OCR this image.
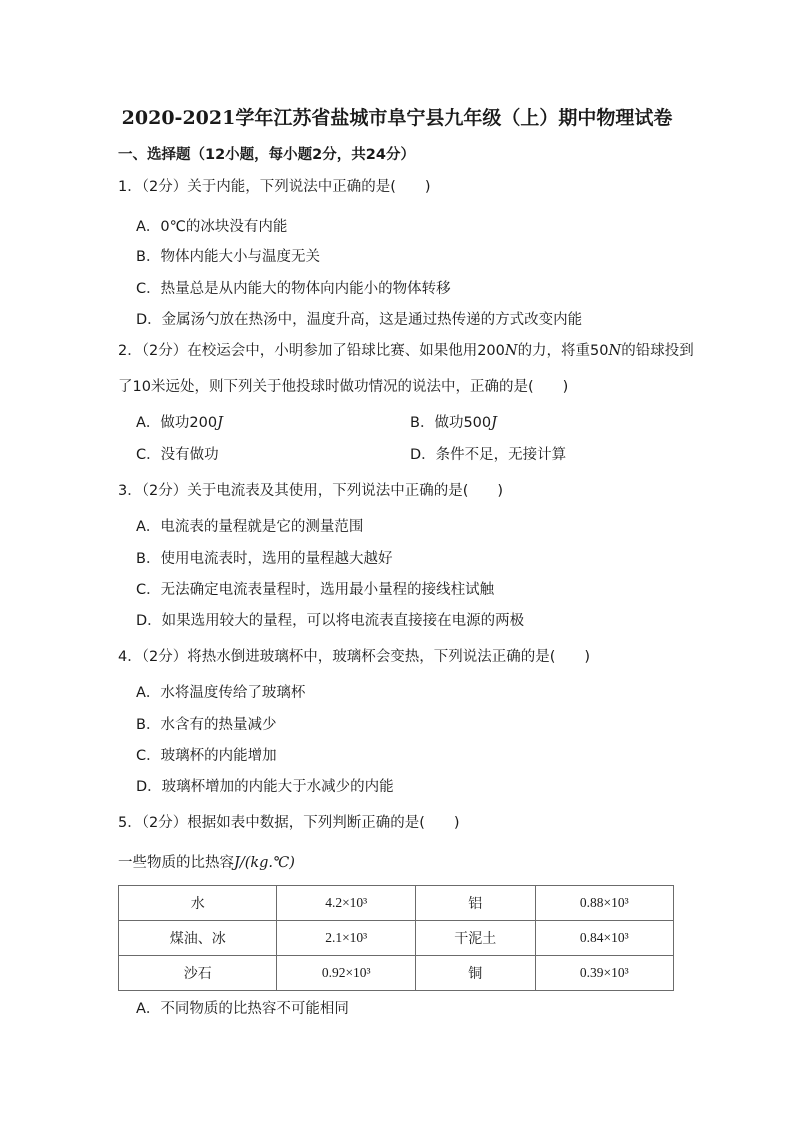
2020-2021学年江苏省盐城市阜宁县九年级（上）期中物理试卷
一、选择题（12小题，每小题2分，共24分）
1．（2分）关于内能，下列说法中正确的是(　　)
A．0℃的冰块没有内能
B．物体内能大小与温度无关
C．热量总是从内能大的物体向内能小的物体转移
D．金属汤勺放在热汤中，温度升高，这是通过热传递的方式改变内能
2．（2分）在校运会中，小明参加了铅球比赛、如果他用200N的力，将重50N的铅球投到
了10米远处，则下列关于他投球时做功情况的说法中，正确的是(　　)
A．做功200J	B．做功500J
C．没有做功	D．条件不足，无接计算
3．（2分）关于电流表及其使用，下列说法中正确的是(　　)
A．电流表的量程就是它的测量范围
B．使用电流表时，选用的量程越大越好
C．无法确定电流表量程时，选用最小量程的接线柱试触
D．如果选用较大的量程，可以将电流表直接接在电源的两极
4．（2分）将热水倒进玻璃杯中，玻璃杯会变热，下列说法正确的是(　　)
A．水将温度传给了玻璃杯
B．水含有的热量减少
C．玻璃杯的内能增加
D．玻璃杯增加的内能大于水减少的内能
5．（2分）根据如表中数据，下列判断正确的是(　　)
一些物质的比热容J/(kg.℃)
水	4.2×10³	铝	0.88×10³
煤油、冰	2.1×10³	干泥土	0.84×10³
沙石	0.92×10³	铜	0.39×10³
A．不同物质的比热容不可能相同
